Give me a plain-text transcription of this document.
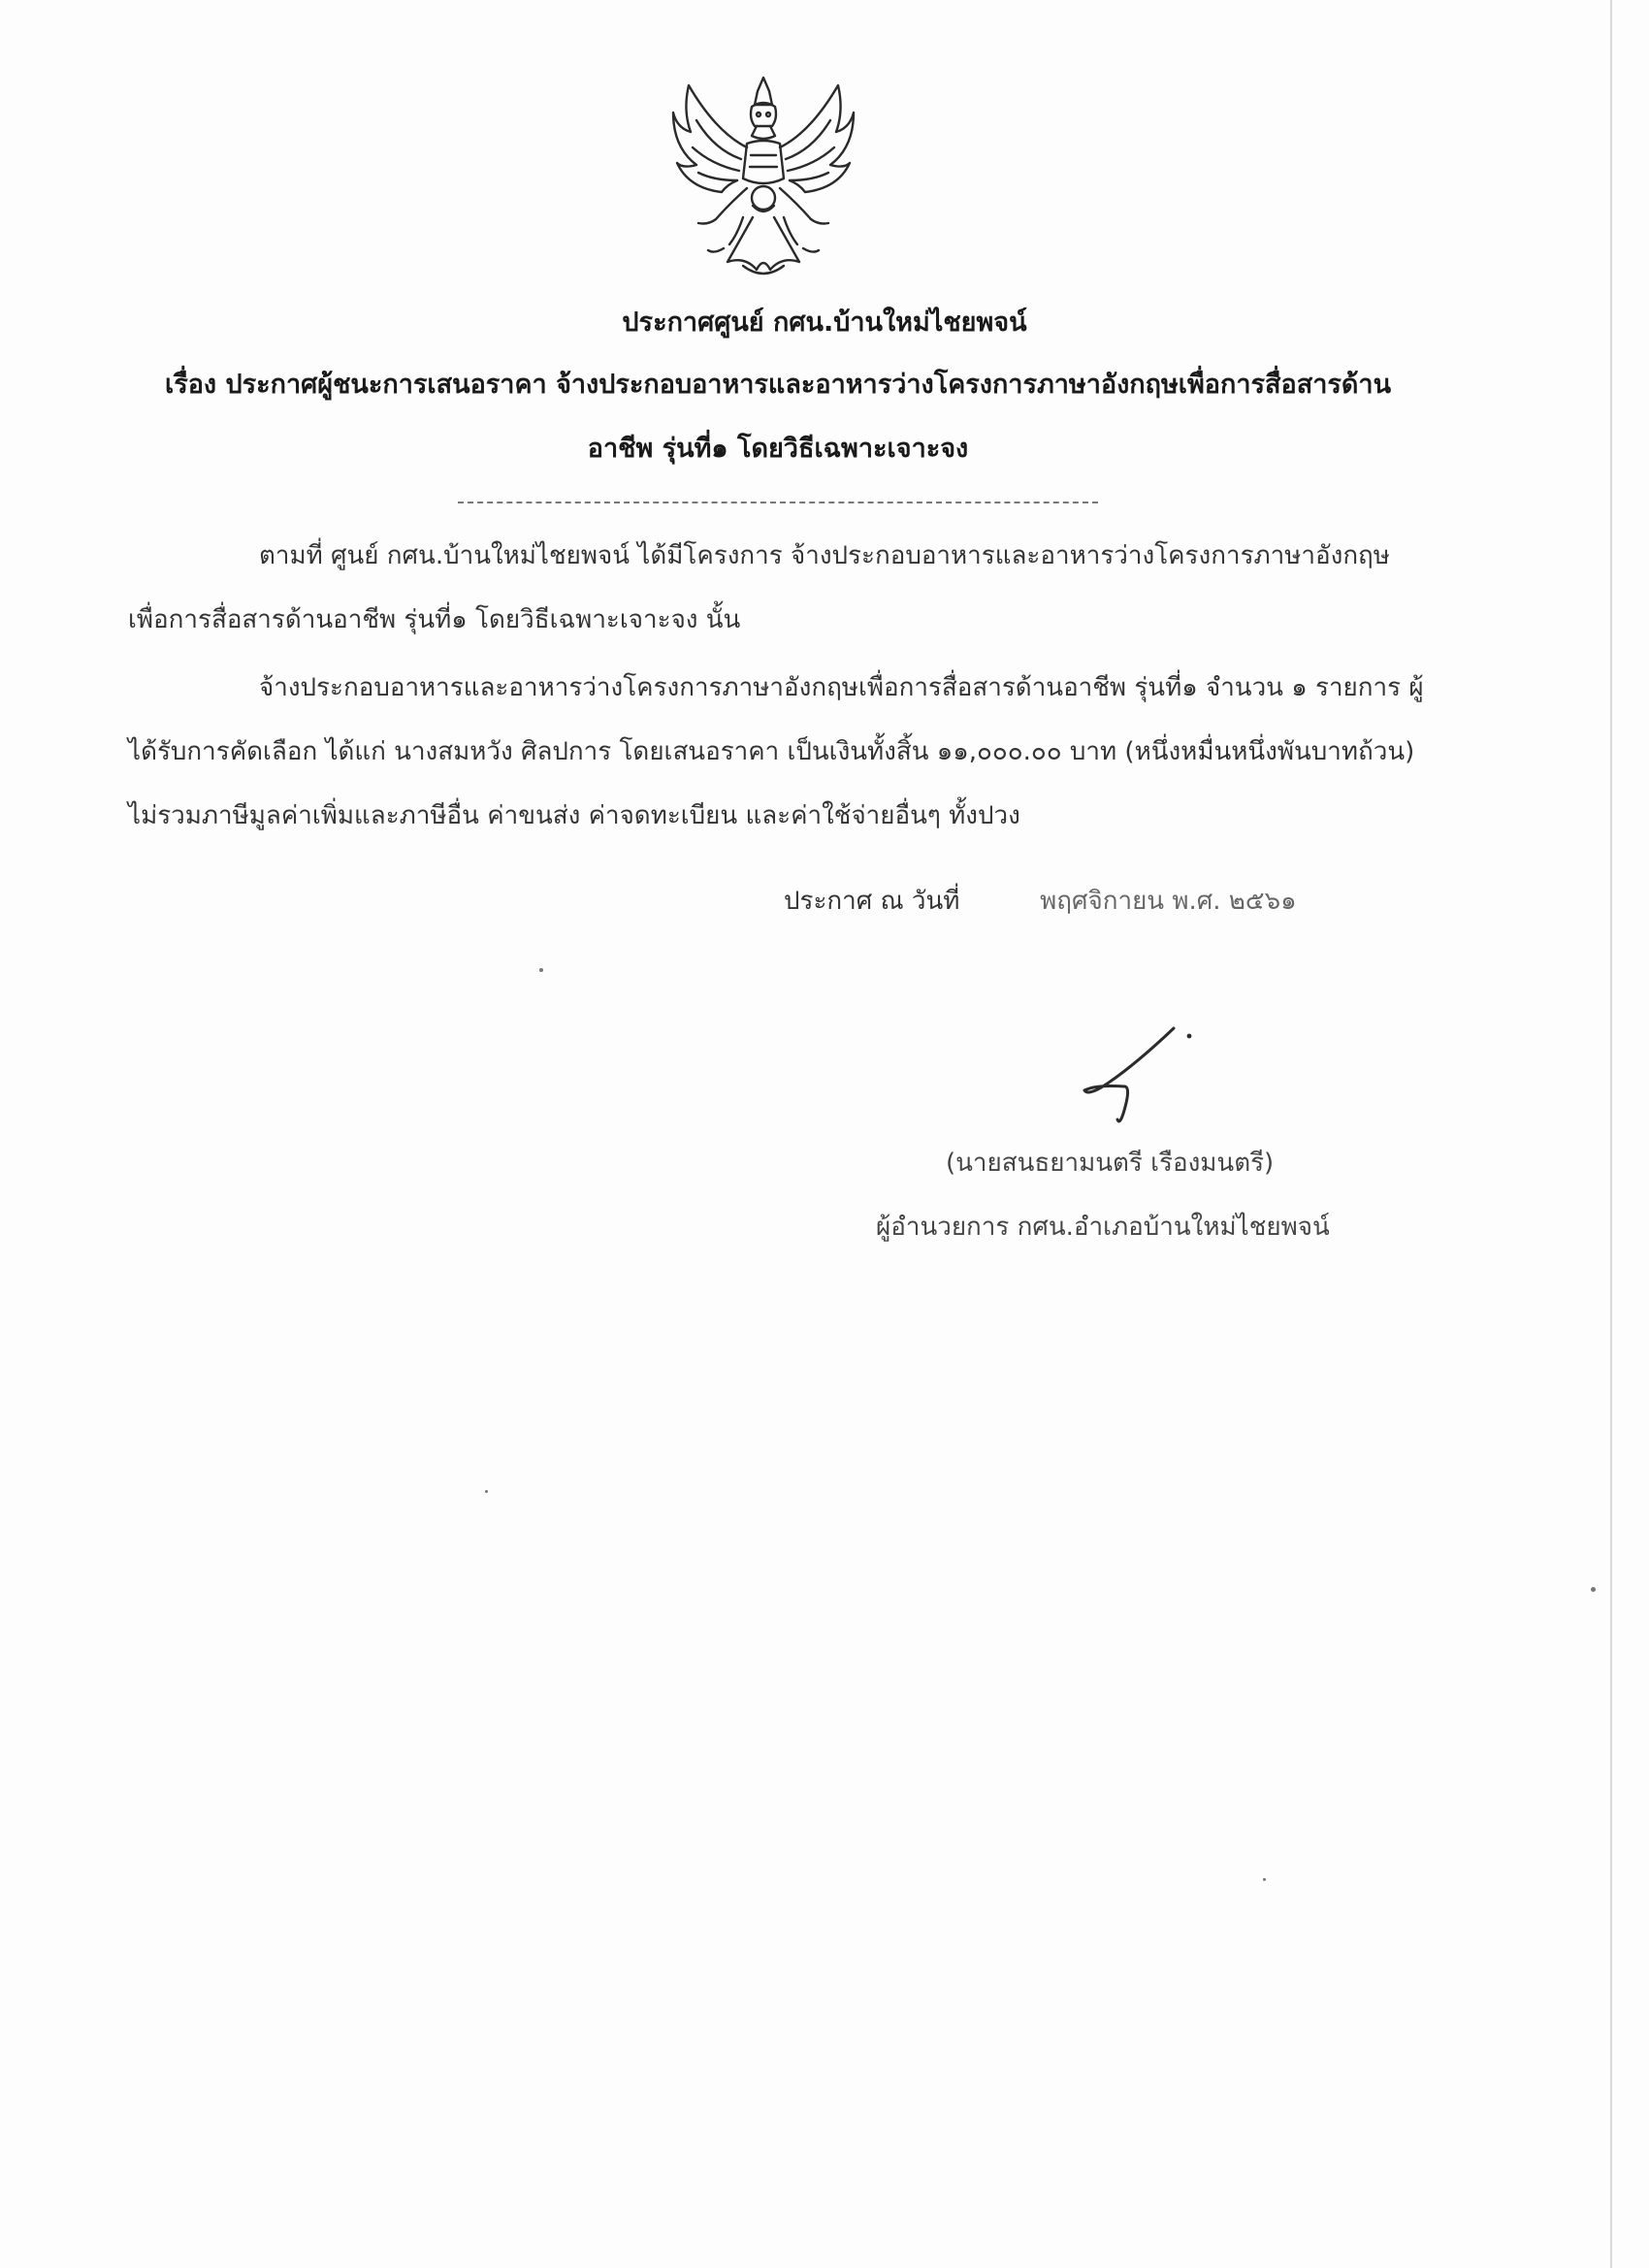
ประกาศศูนย์ กศน.บ้านใหม่ไชยพจน์
เรื่อง ประกาศผู้ชนะการเสนอราคา จ้างประกอบอาหารและอาหารว่างโครงการภาษาอังกฤษเพื่อการสื่อสารด้าน
อาชีพ รุ่นที่๑ โดยวิธีเฉพาะเจาะจง
ตามที่ ศูนย์ กศน.บ้านใหม่ไชยพจน์ ได้มีโครงการ จ้างประกอบอาหารและอาหารว่างโครงการภาษาอังกฤษเพื่อการสื่อสารด้านอาชีพ รุ่นที่๑ โดยวิธีเฉพาะเจาะจง นั้น
จ้างประกอบอาหารและอาหารว่างโครงการภาษาอังกฤษเพื่อการสื่อสารด้านอาชีพ รุ่นที่๑ จำนวน ๑ รายการ ผู้ได้รับการคัดเลือก ได้แก่ นางสมหวัง ศิลปการ โดยเสนอราคา เป็นเงินทั้งสิ้น ๑๑,๐๐๐.๐๐ บาท (หนึ่งหมื่นหนึ่งพันบาทถ้วน) ไม่รวมภาษีมูลค่าเพิ่มและภาษีอื่น ค่าขนส่ง ค่าจดทะเบียน และค่าใช้จ่ายอื่นๆ ทั้งปวง
ประกาศ ณ วันที่	พฤศจิกายน พ.ศ. ๒๕๖๑
(นายสนธยามนตรี เรืองมนตรี)
ผู้อำนวยการ กศน.อำเภอบ้านใหม่ไชยพจน์
